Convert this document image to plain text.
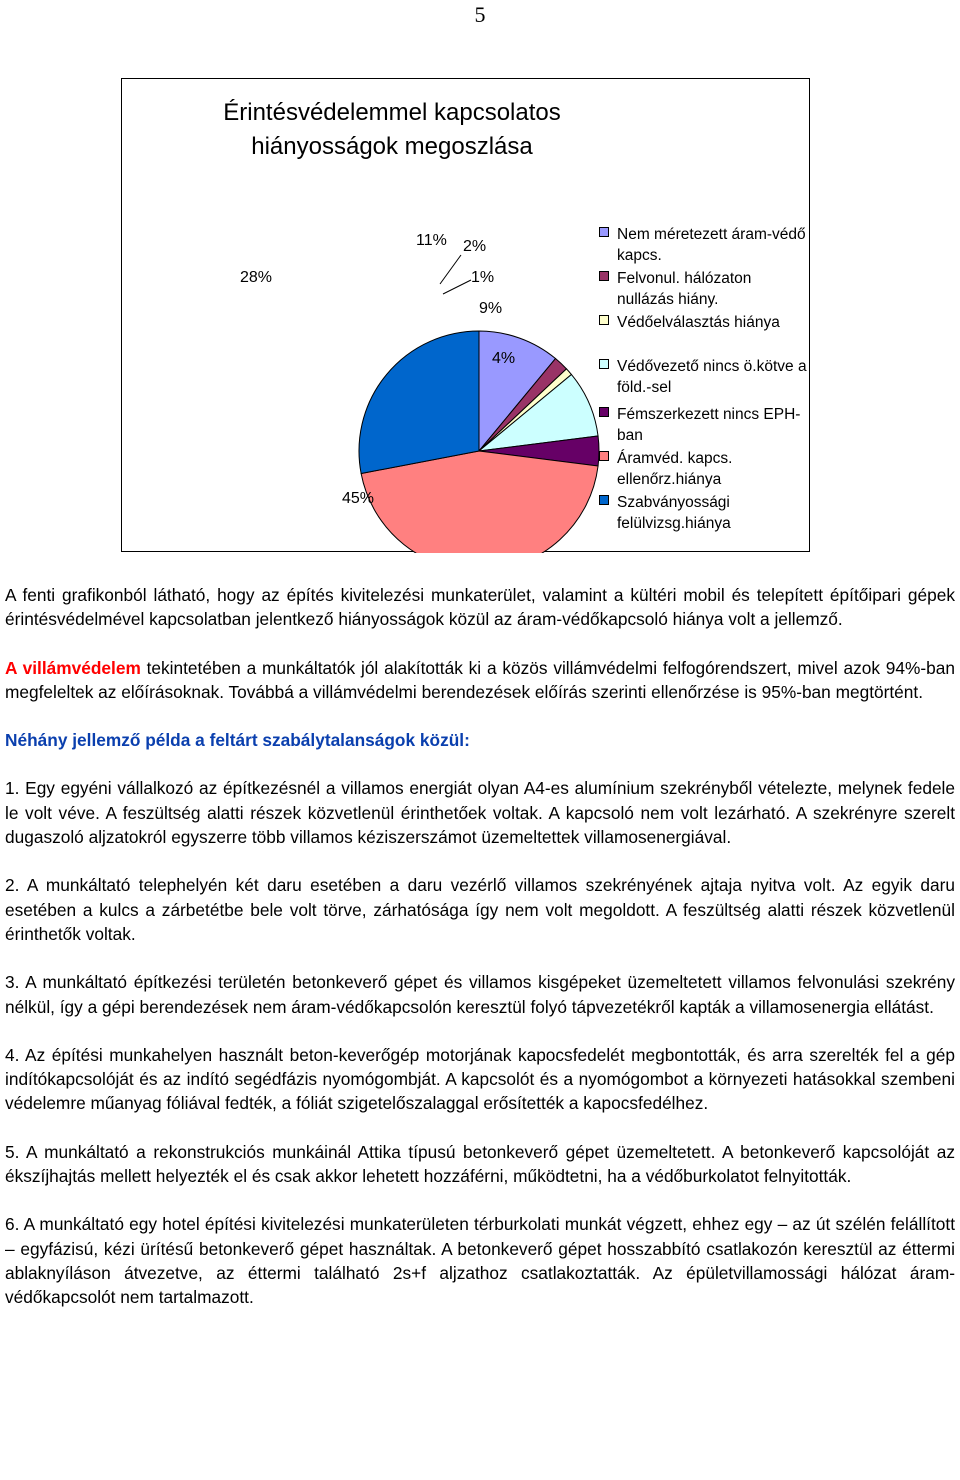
5
Érintésvédelemmel kapcsolatos
hiányosságok megoszlása
11% 2%
1%
9%
4%
45%
28%
Nem méretezett áram-védő
kapcs.
Felvonul. hálózaton
nullázás hiány.
Védőelválasztás hiánya
Védővezető nincs ö.kötve a
föld.-sel
Fémszerkezett nincs EPH-
ban
Áramvéd. kapcs.
ellenőrz.hiánya
Szabványossági
felülvizsg.hiánya

A fenti grafikonból látható, hogy az építés kivitelezési munkaterület, valamint a kültéri mobil és telepített építőipari gépek érintésvédelmével kapcsolatban jelentkező hiányosságok közül az áram-védőkapcsoló hiánya volt a jellemző.

A villámvédelem tekintetében a munkáltatók jól alakították ki a közös villámvédelmi felfogórendszert, mivel azok 94%-ban megfeleltek az előírásoknak. Továbbá a villámvédelmi berendezések előírás szerinti ellenőrzése is 95%-ban megtörtént.

Néhány jellemző példa a feltárt szabálytalanságok közül:

1. Egy egyéni vállalkozó az építkezésnél a villamos energiát olyan A4-es alumínium szekrényből vételezte, melynek fedele le volt véve. A feszültség alatti részek közvetlenül érinthetőek voltak. A kapcsoló nem volt lezárható. A szekrényre szerelt dugaszoló aljzatokról egyszerre több villamos kéziszerszámot üzemeltettek villamosenergiával.

2. A munkáltató telephelyén két daru esetében a daru vezérlő villamos szekrényének ajtaja nyitva volt. Az egyik daru esetében a kulcs a zárbetétbe bele volt törve, zárhatósága így nem volt megoldott. A feszültség alatti részek közvetlenül érinthetők voltak.

3. A munkáltató építkezési területén betonkeverő gépet és villamos kisgépeket üzemeltetett villamos felvonulási szekrény nélkül, így a gépi berendezések nem áram-védőkapcsolón keresztül folyó tápvezetékről kapták a villamosenergia ellátást.

4. Az építési munkahelyen használt beton-keverőgép motorjának kapocsfedelét megbontották, és arra szerelték fel a gép indítókapcsolóját és az indító segédfázis nyomógombját. A kapcsolót és a nyomógombot a környezeti hatásokkal szembeni védelemre műanyag fóliával fedték, a fóliát szigetelőszalaggal erősítették a kapocsfedélhez.

5. A munkáltató a rekonstrukciós munkáinál Attika típusú betonkeverő gépet üzemeltetett. A betonkeverő kapcsolóját az ékszíjhajtás mellett helyezték el és csak akkor lehetett hozzáférni, működtetni, ha a védőburkolatot felnyitották.

6. A munkáltató egy hotel építési kivitelezési munkaterületen térburkolati munkát végzett, ehhez egy – az út szélén felállított – egyfázisú, kézi ürítésű betonkeverő gépet használtak. A betonkeverő gépet hosszabbító csatlakozón keresztül az éttermi ablaknyíláson átvezetve, az éttermi található 2s+f aljzathoz csatlakoztatták. Az épületvillamossági hálózat áram-védőkapcsolót nem tartalmazott.
